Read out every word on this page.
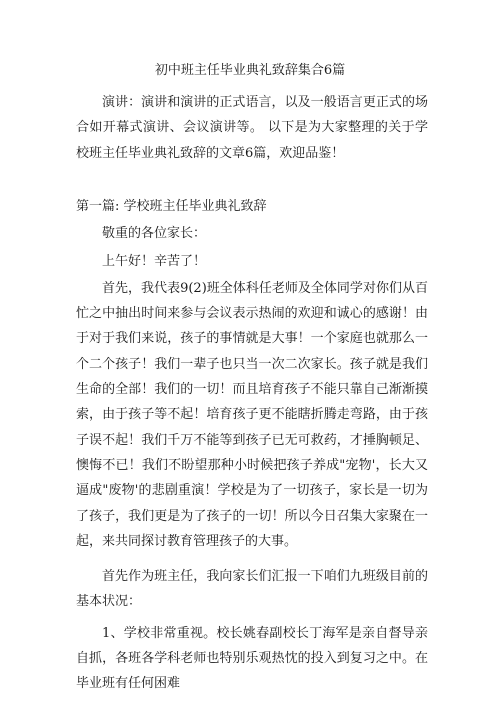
初中班主任毕业典礼致辞集合6篇

演讲：演讲和演讲的正式语言，以及一般语言更正式的场合如开幕式演讲、会议演讲等。 以下是为大家整理的关于学校班主任毕业典礼致辞的文章6篇，欢迎品鉴！

第一篇: 学校班主任毕业典礼致辞

敬重的各位家长：

上午好！辛苦了！

首先，我代表9(2)班全体科任老师及全体同学对你们从百忙之中抽出时间来参与会议表示热闹的欢迎和诚心的感谢！由于对于我们来说，孩子的事情就是大事！一个家庭也就那么一个二个孩子！我们一辈子也只当一次二次家长。孩子就是我们生命的全部！我们的一切！而且培育孩子不能只靠自己渐渐摸索，由于孩子等不起！培育孩子更不能瞎折腾走弯路，由于孩子误不起！我们千万不能等到孩子已无可救药，才捶胸顿足、懊悔不已！我们不盼望那种小时候把孩子养成"宠物'，长大又逼成"废物'的悲剧重演！学校是为了一切孩子，家长是一切为了孩子，我们更是为了孩子的一切！所以今日召集大家聚在一起，来共同探讨教育管理孩子的大事。

首先作为班主任，我向家长们汇报一下咱们九班级目前的基本状况：

1、学校非常重视。校长姚春副校长丁海军是亲自督导亲自抓，各班各学科老师也特别乐观热忱的投入到复习之中。在毕业班有任何困难
